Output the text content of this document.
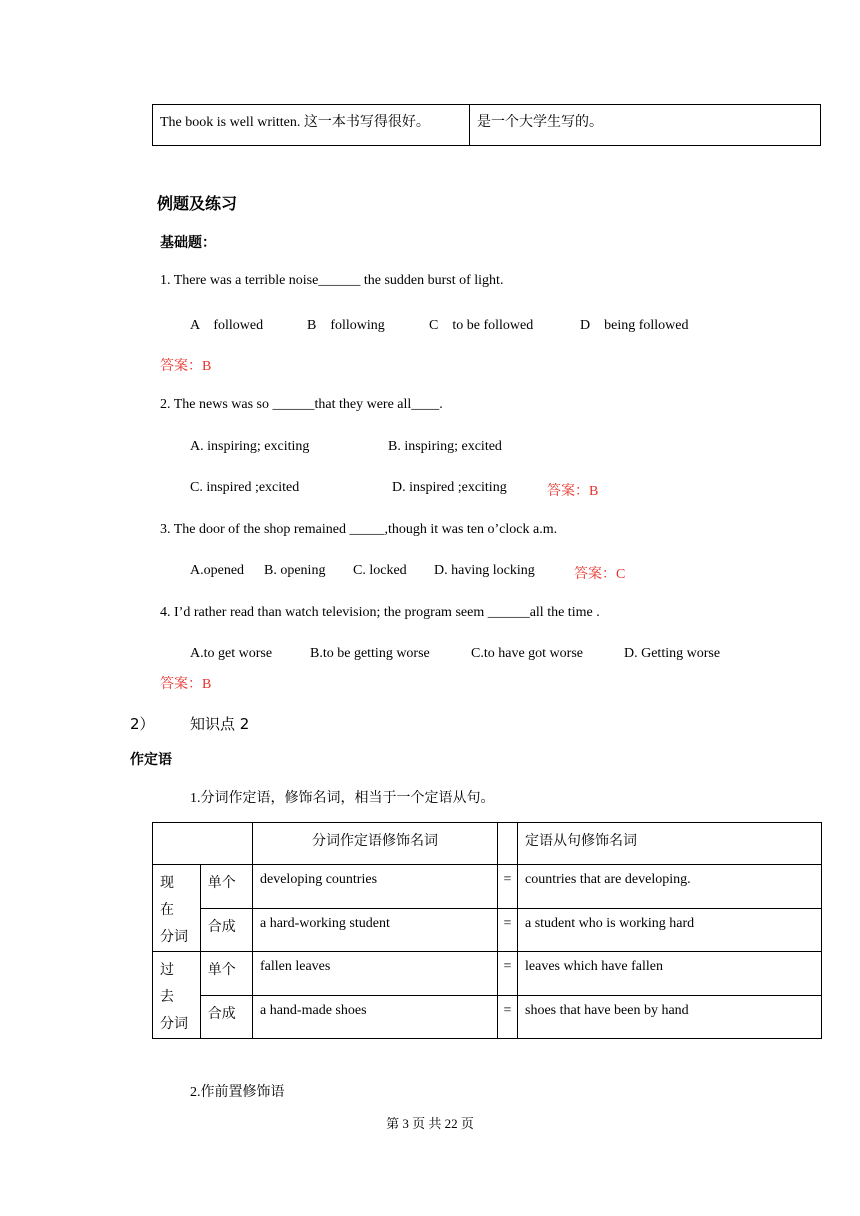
The book is well written. 这一本书写得很好。	是一个大学生写的。
例题及练习
基础题：
1. There was a terrible noise______ the sudden burst of light.
A　followed	B　following	C　to be followed	D　being followed
答案：B
2. The news was so ______that they were all____.
A. inspiring; exciting	B. inspiring; excited
C. inspired ;excited	D. inspired ;exciting	答案：B
3. The door of the shop remained _____,though it was ten o’clock a.m.
A.opened B. opening C. locked D. having locking	答案：C
4. I’d rather read than watch television; the program seem ______all the time .
A.to get worse	B.to be getting worse	C.to have got worse	D. Getting worse
答案：B
2） 知识点 2
作定语
1.分词作定语，修饰名词，相当于一个定语从句。
		分词作定语修饰名词		定语从句修饰名词

现　在
分词	单个	developing countries	=	countries that are developing.
	合成	a hard-working student	=	a student who is working hard

过　去
分词	单个	fallen leaves	=	leaves which have fallen
	合成	a hand-made shoes	=	shoes that have been by hand
2.作前置修饰语
第 3 页 共 22 页
